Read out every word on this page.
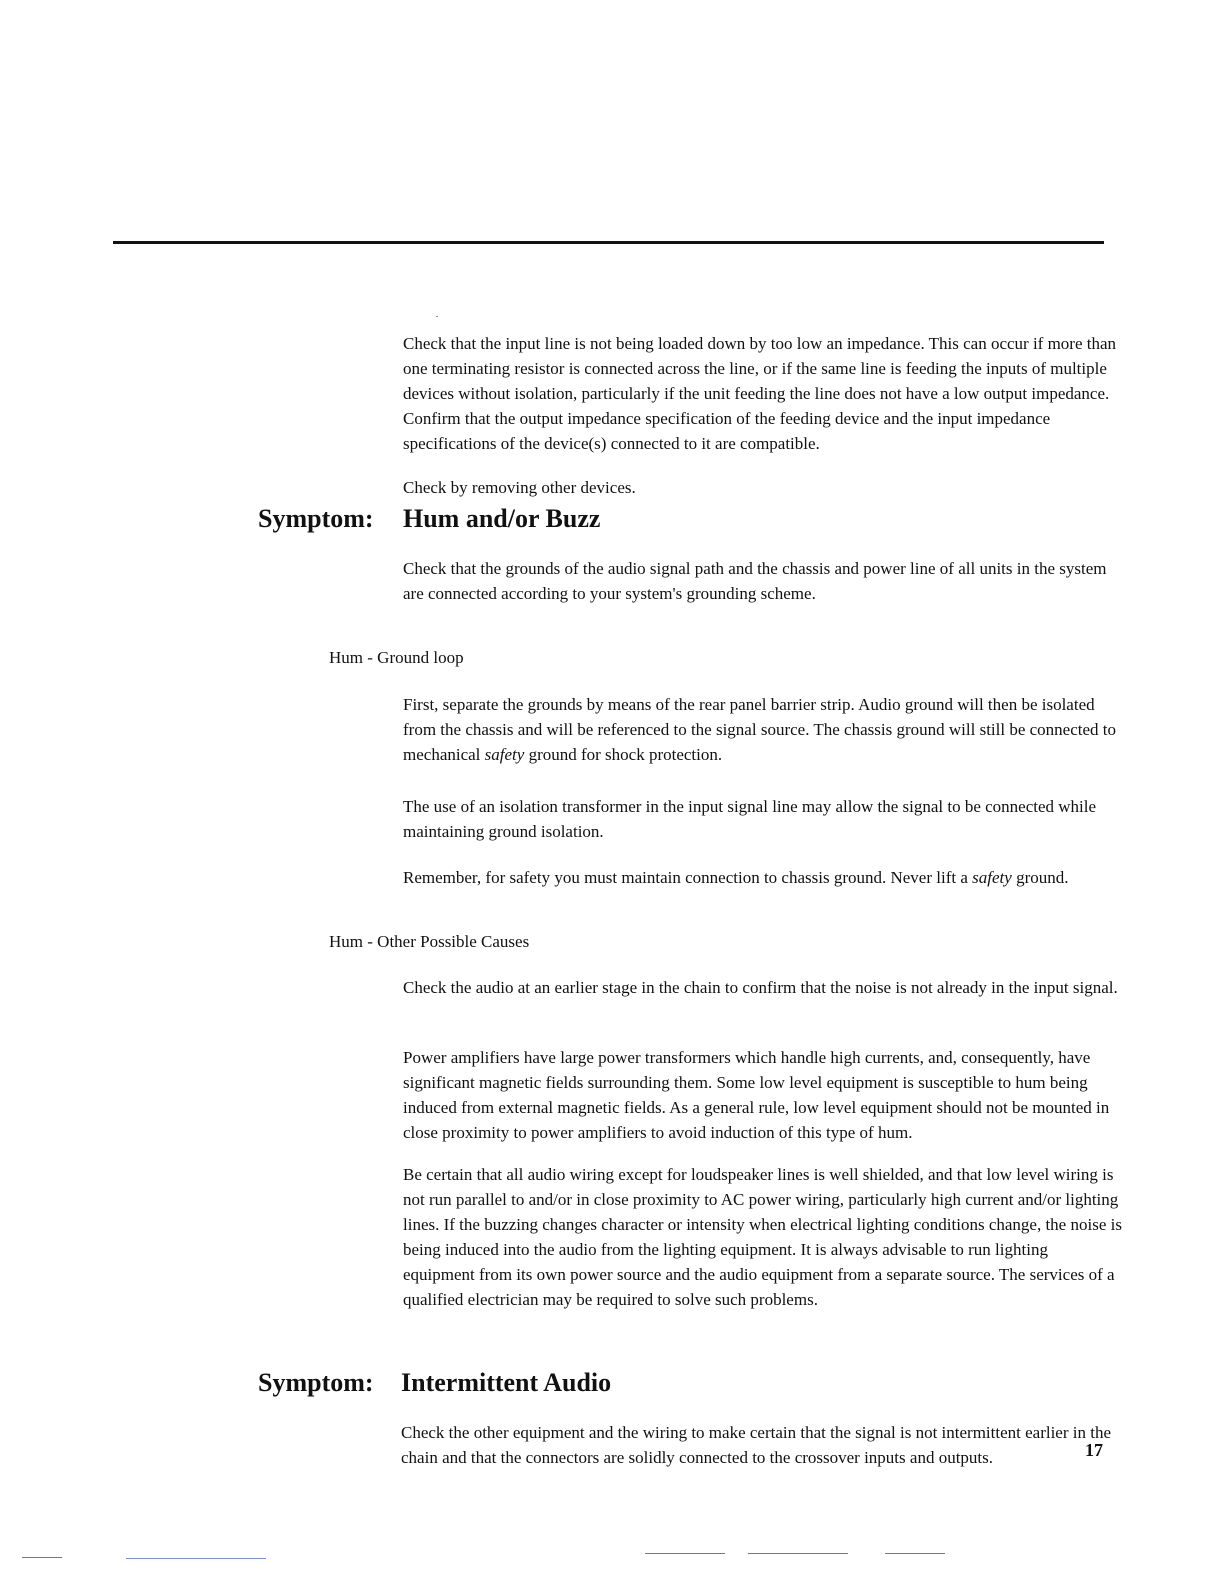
Check that the input line is not being loaded down by too low an impedance. This can occur if more than one terminating resistor is connected across the line, or if the same line is feeding the inputs of multiple devices without isolation, particularly if the unit feeding the line does not have a low output impedance. Confirm that the output impedance specification of the feeding device and the input impedance specifications of the device(s) connected to it are compatible.

Check by removing other devices.

Symptom: Hum and/or Buzz

Check that the grounds of the audio signal path and the chassis and power line of all units in the system are connected according to your system's grounding scheme.

Hum - Ground loop

First, separate the grounds by means of the rear panel barrier strip. Audio ground will then be isolated from the chassis and will be referenced to the signal source. The chassis ground will still be connected to mechanical safety ground for shock protection.

The use of an isolation transformer in the input signal line may allow the signal to be connected while maintaining ground isolation.

Remember, for safety you must maintain connection to chassis ground. Never lift a safety ground.

Hum - Other Possible Causes

Check the audio at an earlier stage in the chain to confirm that the noise is not already in the input signal.

Power amplifiers have large power transformers which handle high currents, and, consequently, have significant magnetic fields surrounding them. Some low level equipment is susceptible to hum being induced from external magnetic fields. As a general rule, low level equipment should not be mounted in close proximity to power amplifiers to avoid induction of this type of hum.

Be certain that all audio wiring except for loudspeaker lines is well shielded, and that low level wiring is not run parallel to and/or in close proximity to AC power wiring, particularly high current and/or lighting lines. If the buzzing changes character or intensity when electrical lighting conditions change, the noise is being induced into the audio from the lighting equipment. It is always advisable to run lighting equipment from its own power source and the audio equipment from a separate source. The services of a qualified electrician may be required to solve such problems.

Symptom: Intermittent Audio

Check the other equipment and the wiring to make certain that the signal is not intermittent earlier in the chain and that the connectors are solidly connected to the crossover inputs and outputs.	17
